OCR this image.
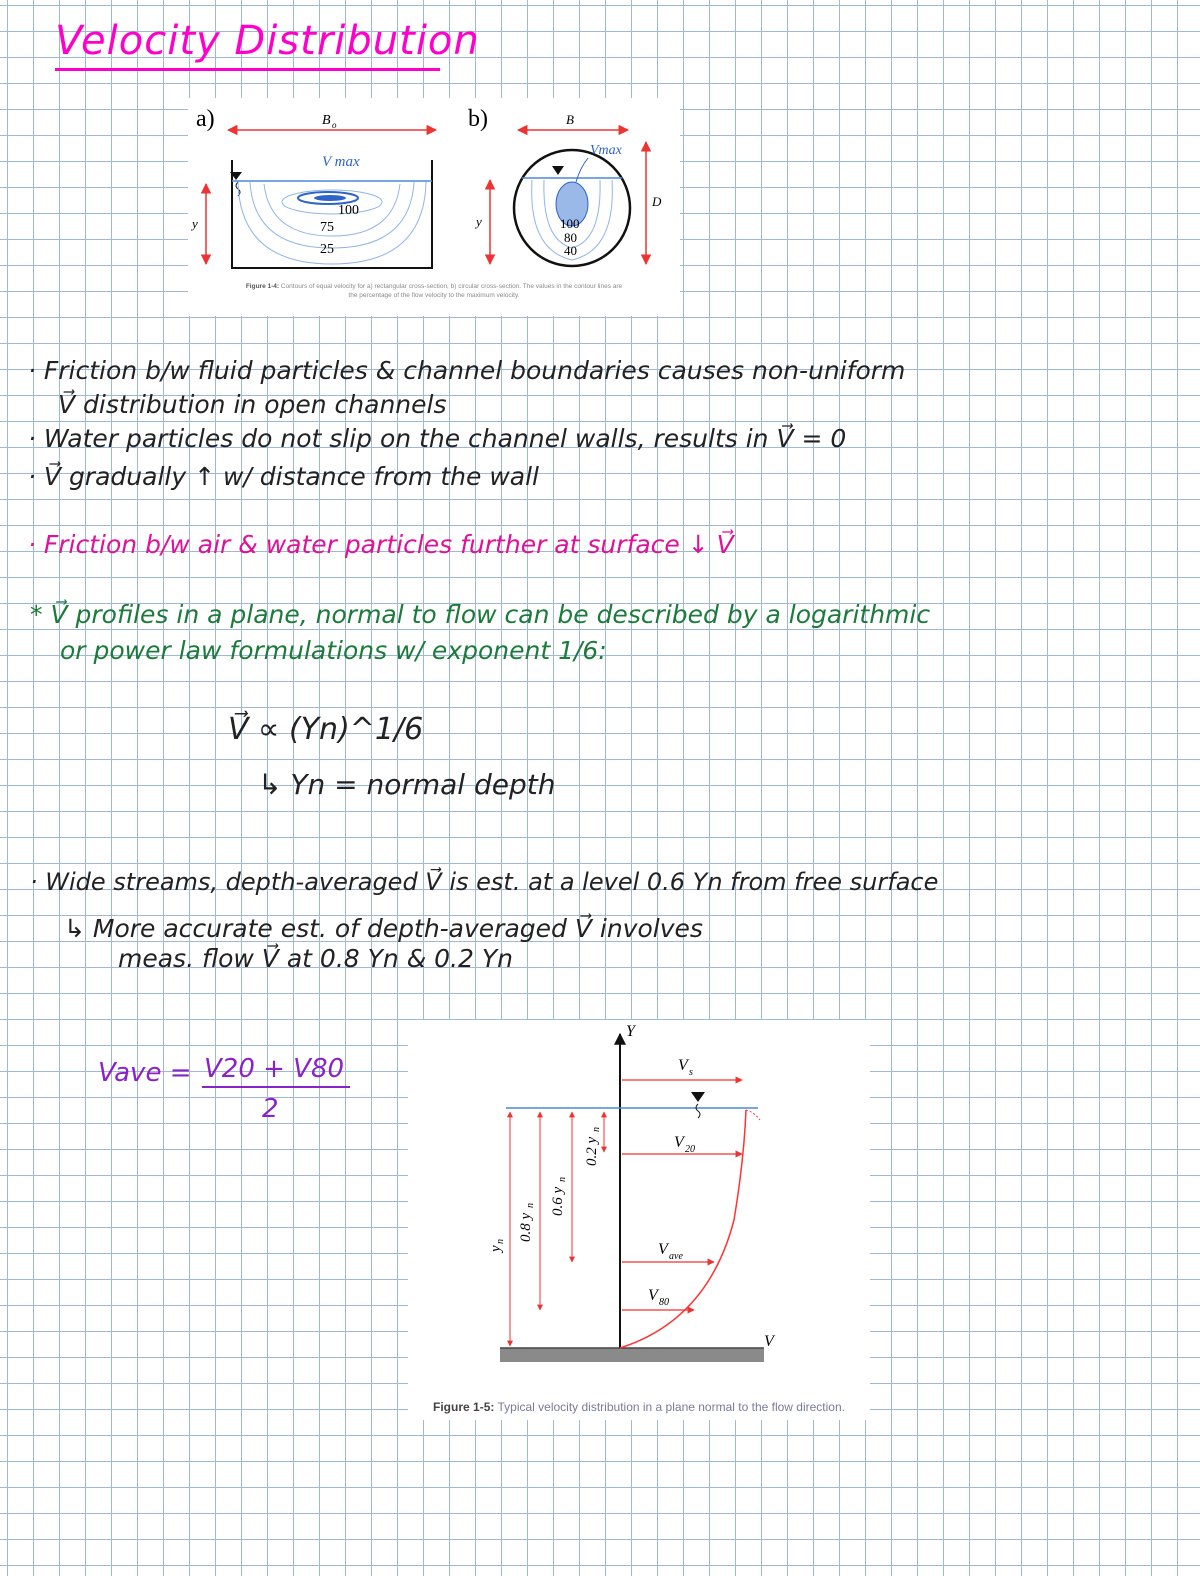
Velocity Distribution
a)	B o
100
75
25
V max
y
b)	B
100
80
40
Vmax
y
D
Figure 1-4: Contours of equal velocity for a) rectangular cross-section, b) circular cross-section. The values in the contour lines are
the percentage of the flow velocity to the maximum velocity.
· Friction b/w fluid particles & channel boundaries causes non-uniform
V⃗ distribution in open channels
· Water particles do not slip on the channel walls, results in V⃗ = 0
· V⃗ gradually ↑ w/ distance from the wall
· Friction b/w air & water particles further at surface ↓ V⃗
* V⃗ profiles in a plane, normal to flow can be described by a logarithmic
or power law formulations w/ exponent 1/6:
V⃗ ∝ (Yn)^1/6
↳ Yn = normal depth
· Wide streams, depth-averaged V⃗ is est. at a level 0.6 Yn from free surface
↳ More accurate est. of depth-averaged V⃗ involves
meas. flow V⃗ at 0.8 Yn & 0.2 Yn
Vave = V20 + V80
2
Y
V
V s
V 20
V ave
V 80
y
n 0.8 y
n 0.6 y
n
0.2 y
n
Figure 1-5: Typical velocity distribution in a plane normal to the flow direction.
